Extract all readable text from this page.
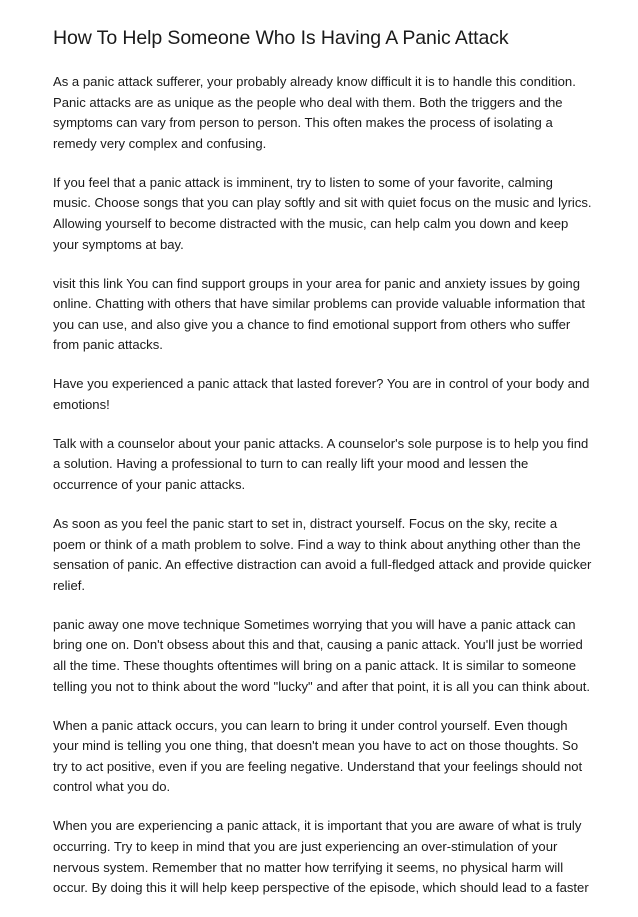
How To Help Someone Who Is Having A Panic Attack

As a panic attack sufferer, your probably already know difficult it is to handle this condition. Panic attacks are as unique as the people who deal with them. Both the triggers and the symptoms can vary from person to person. This often makes the process of isolating a remedy very complex and confusing.

If you feel that a panic attack is imminent, try to listen to some of your favorite, calming music. Choose songs that you can play softly and sit with quiet focus on the music and lyrics. Allowing yourself to become distracted with the music, can help calm you down and keep your symptoms at bay.

visit this link You can find support groups in your area for panic and anxiety issues by going online. Chatting with others that have similar problems can provide valuable information that you can use, and also give you a chance to find emotional support from others who suffer from panic attacks.

Have you experienced a panic attack that lasted forever? You are in control of your body and emotions!

Talk with a counselor about your panic attacks. A counselor's sole purpose is to help you find a solution. Having a professional to turn to can really lift your mood and lessen the occurrence of your panic attacks.

As soon as you feel the panic start to set in, distract yourself. Focus on the sky, recite a poem or think of a math problem to solve. Find a way to think about anything other than the sensation of panic. An effective distraction can avoid a full-fledged attack and provide quicker relief.

panic away one move technique Sometimes worrying that you will have a panic attack can bring one on. Don't obsess about this and that, causing a panic attack. You'll just be worried all the time. These thoughts oftentimes will bring on a panic attack. It is similar to someone telling you not to think about the word "lucky" and after that point, it is all you can think about.

When a panic attack occurs, you can learn to bring it under control yourself. Even though your mind is telling you one thing, that doesn't mean you have to act on those thoughts. So try to act positive, even if you are feeling negative. Understand that your feelings should not control what you do.

When you are experiencing a panic attack, it is important that you are aware of what is truly occurring. Try to keep in mind that you are just experiencing an over-stimulation of your nervous system. Remember that no matter how terrifying it seems, no physical harm will occur. By doing this it will help keep perspective of the episode, which should lead to a faster
